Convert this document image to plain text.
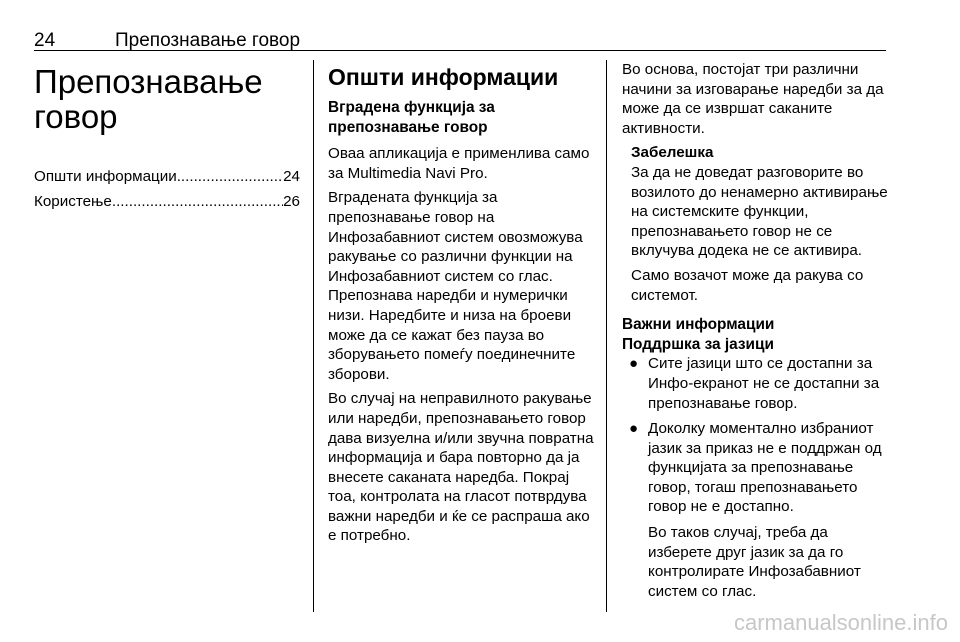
24	Препознавање говор
Препознавање
говор
Општи информации .....	24
Користење .....	26
Општи информации
Вградена функција за препознавање говор

Оваа апликација е применлива само за Multimedia Navi Pro.

Вградената функција за препознавање говор на Инфозабавниот систем овозможува ракување со различни функции на Инфозабавниот систем со глас. Препознава наредби и нумерички низи. Наредбите и низа на броеви може да се кажат без пауза во зборувањето помеѓу поединечните зборови.

Во случај на неправилното ракување или наредби, препознавањето говор дава визуелна и/или звучна повратна информација и бара повторно да ја внесете саканата наредба. Покрај тоа, контролата на гласот потврдува важни наредби и ќе се распраша ако е потребно.

Во основа, постојат три различни начини за изговарање наредби за да може да се извршат саканите активности.

Забелешка

За да не доведат разговорите во возилото до ненамерно активирање на системските функции, препознавањето говор не се вклучува додека не се активира.

Само возачот може да ракува со системот.

Важни информации
Поддршка за јазици
● Сите јазици што се достапни за Инфо-екранот не се достапни за препознавање говор.

● Доколку моментално избраниот јазик за приказ не е поддржан од функцијата за препознавање говор, тогаш препознавањето говор не е достапно.

Во таков случај, треба да изберете друг јазик за да го контролирате Инфозабавниот систем со глас.

carmanualsonline.info
